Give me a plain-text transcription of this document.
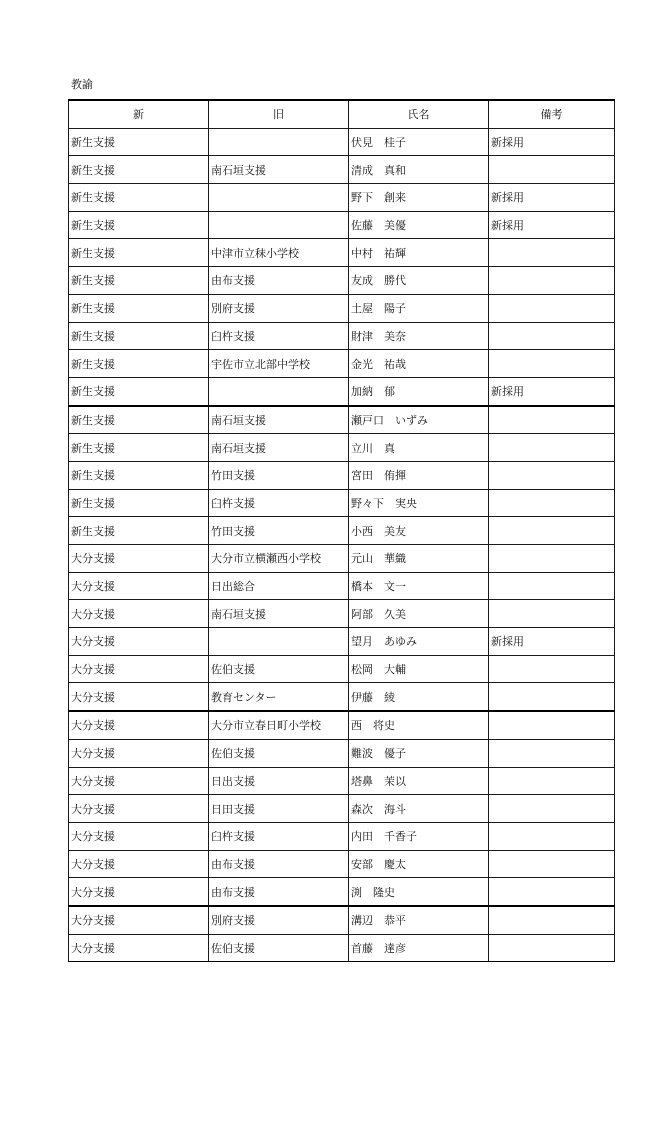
教諭
新	旧	氏名	備考
新生支援		伏見　桂子	新採用
新生支援	南石垣支援	清成　真和	
新生支援		野下　創来	新採用
新生支援		佐藤　美優	新採用
新生支援	中津市立秣小学校	中村　祐輝	
新生支援	由布支援	友成　勝代	
新生支援	別府支援	土屋　陽子	
新生支援	臼杵支援	財津　美奈	
新生支援	宇佐市立北部中学校	金光　祐哉	
新生支援		加納　郁	新採用
新生支援	南石垣支援	瀬戸口　いずみ	
新生支援	南石垣支援	立川　真	
新生支援	竹田支援	宮田　侑揮	
新生支援	臼杵支援	野々下　実央	
新生支援	竹田支援	小西　美友	
大分支援	大分市立横瀬西小学校	元山　華織	
大分支援	日出総合	橋本　文一	
大分支援	南石垣支援	阿部　久美	
大分支援		望月　あゆみ	新採用
大分支援	佐伯支援	松岡　大輔	
大分支援	教育センター	伊藤　綾	
大分支援	大分市立春日町小学校	西　将史	
大分支援	佐伯支援	難波　優子	
大分支援	日出支援	塔鼻　茉以	
大分支援	日田支援	森次　海斗	
大分支援	臼杵支援	内田　千香子	
大分支援	由布支援	安部　慶太	
大分支援	由布支援	渕　隆史	
大分支援	別府支援	溝辺　恭平	
大分支援	佐伯支援	首藤　達彦	
